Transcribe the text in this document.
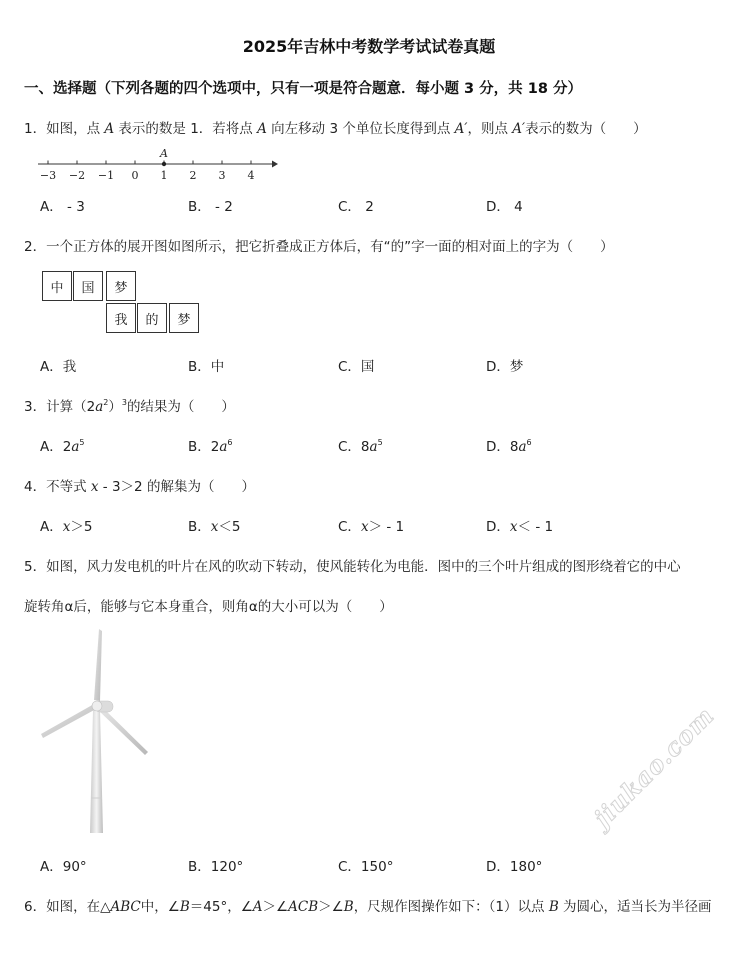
2025年吉林中考数学考试试卷真题
一、选择题（下列各题的四个选项中，只有一项是符合题意．每小题 3 分，共 18 分）
1．如图，点 A 表示的数是 1．若将点 A 向左移动 3 个单位长度得到点 A′，则点 A′表示的数为（　　）
−3 −2 −1 0 1 2 3 4
A
A． - 3	B． - 2	C． 2	D． 4
2．一个正方体的展开图如图所示，把它折叠成正方体后，有“的”字一面的相对面上的字为（　　）
中	国	梦
我	的	梦
A．我	B．中	C．国	D．梦
3．计算$(2a^2)^3$的结果为（　　）
A．$2a^5$	B．$2a^6$	C．$8a^5$	D．$8a^6$
4．不等式 x - 3＞2 的解集为（　　）
A．x＞5	B．x＜5	C．x＞ - 1	D．x＜ - 1
5．如图，风力发电机的叶片在风的吹动下转动，使风能转化为电能．图中的三个叶片组成的图形绕着它的中心
旋转角α后，能够与它本身重合，则角α的大小可以为（　　）
A．90°	B．120°	C．150°	D．180°
6．如图，在△ABC中，∠B＝45°，∠A＞∠ACB＞∠B，尺规作图操作如下：（1）以点 B 为圆心，适当长为半径画
jiukao.com
